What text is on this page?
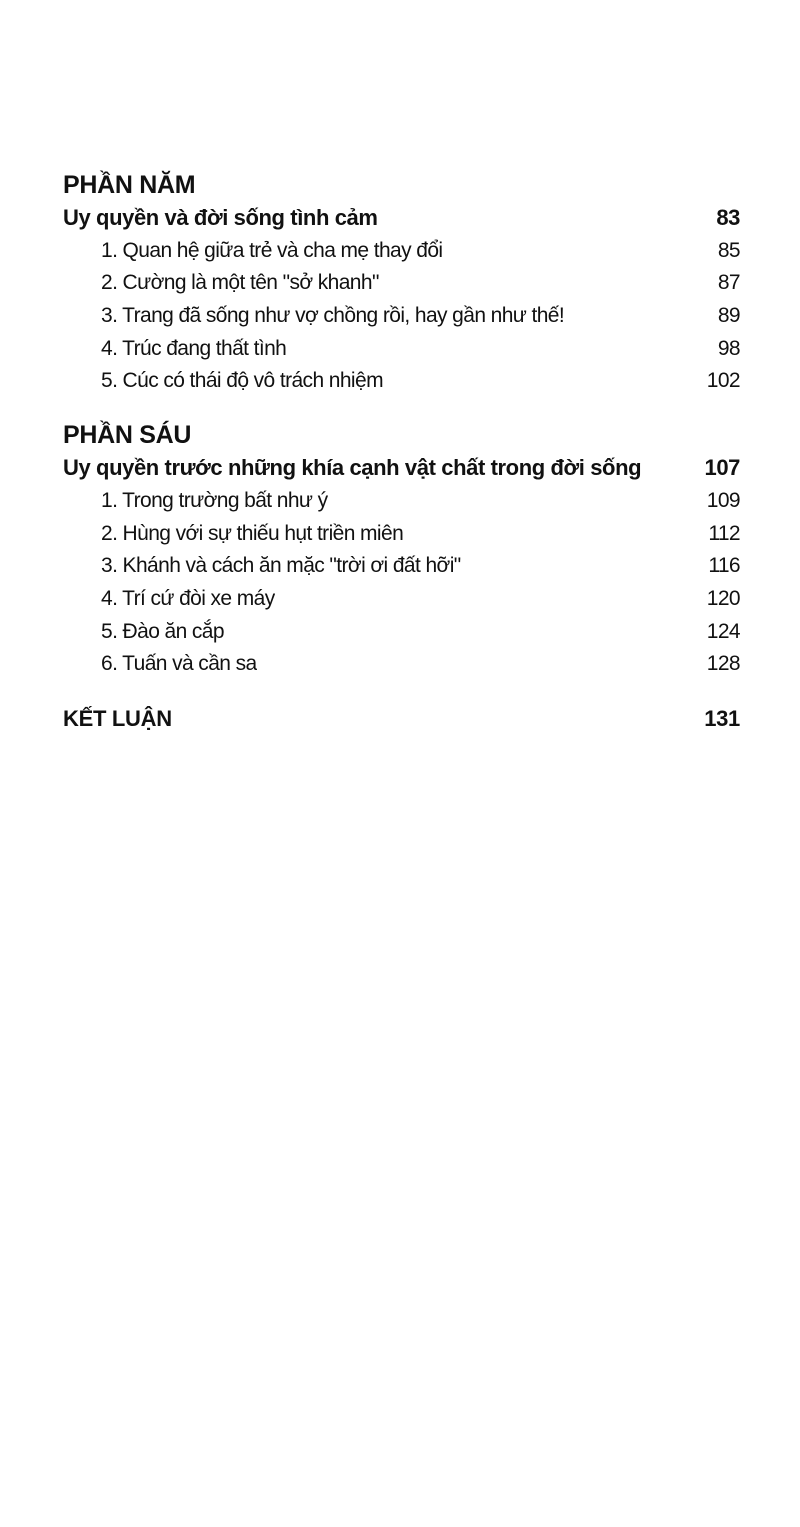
PHẦN NĂM
Uy quyền và đời sống tình cảm	83
1. Quan hệ giữa trẻ và cha mẹ thay đổi	85
2. Cường là một tên "sở khanh"	87
3. Trang đã sống như vợ chồng rồi, hay gần như thế!	89
4. Trúc đang thất tình	98
5. Cúc có thái độ vô trách nhiệm	102
PHẦN SÁU
Uy quyền trước những khía cạnh vật chất trong đời sống	107
1. Trong trường bất như ý	109
2. Hùng với sự thiếu hụt triền miên	112
3. Khánh và cách ăn mặc "trời ơi đất hỡi"	116
4. Trí cứ đòi xe máy	120
5. Đào ăn cắp	124
6. Tuấn và cần sa	128
KẾT LUẬN	131
